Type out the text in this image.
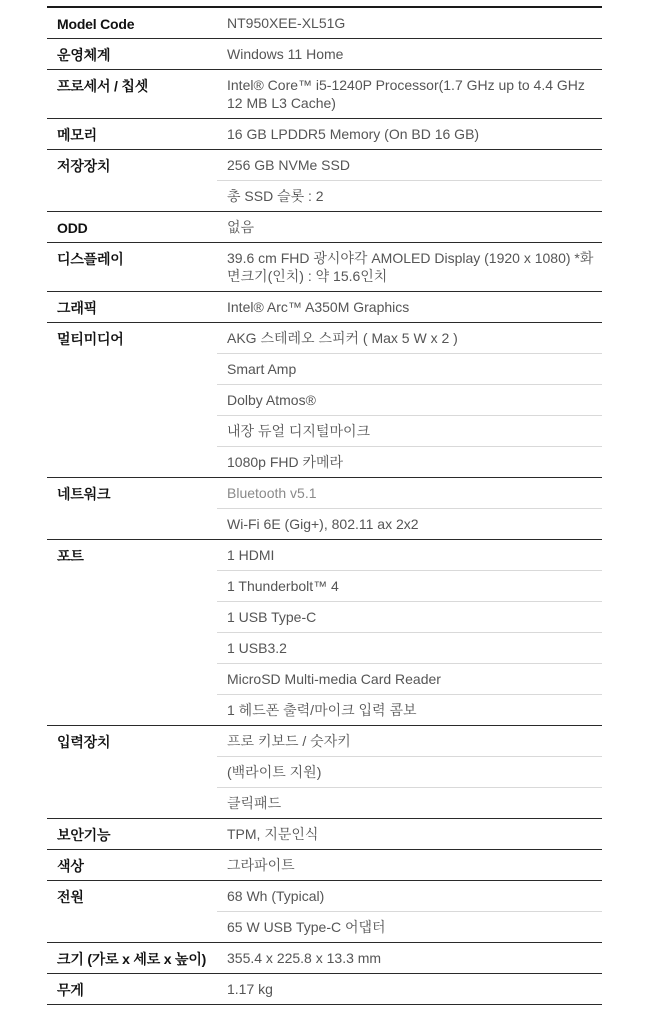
Model Code	NT950XEE-XL51G
운영체계	Windows 11 Home
프로세서 / 칩셋	Intel® Core™ i5-1240P Processor(1.7 GHz up to 4.4 GHz 12 MB L3 Cache)
메모리	16 GB LPDDR5 Memory (On BD 16 GB)
저장장치	256 GB NVMe SSD
총 SSD 슬롯 : 2
ODD	없음
디스플레이	39.6 cm FHD 광시야각 AMOLED Display (1920 x 1080) *화면크기(인치) : 약 15.6인치
그래픽	Intel® Arc™ A350M Graphics
멀티미디어	AKG 스테레오 스피커 ( Max 5 W x 2 )
Smart Amp
Dolby Atmos®
내장 듀얼 디지털마이크
1080p FHD 카메라
네트워크	Bluetooth v5.1
Wi-Fi 6E (Gig+), 802.11 ax 2x2
포트	1 HDMI
1 Thunderbolt™ 4
1 USB Type-C
1 USB3.2
MicroSD Multi-media Card Reader
1 헤드폰 출력/마이크 입력 콤보
입력장치	프로 키보드 / 숫자키
(백라이트 지원)
클릭패드
보안기능	TPM, 지문인식
색상	그라파이트
전원	68 Wh (Typical)
65 W USB Type-C 어댑터
크기 (가로 x 세로 x 높이)	355.4 x 225.8 x 13.3 mm
무게	1.17 kg
